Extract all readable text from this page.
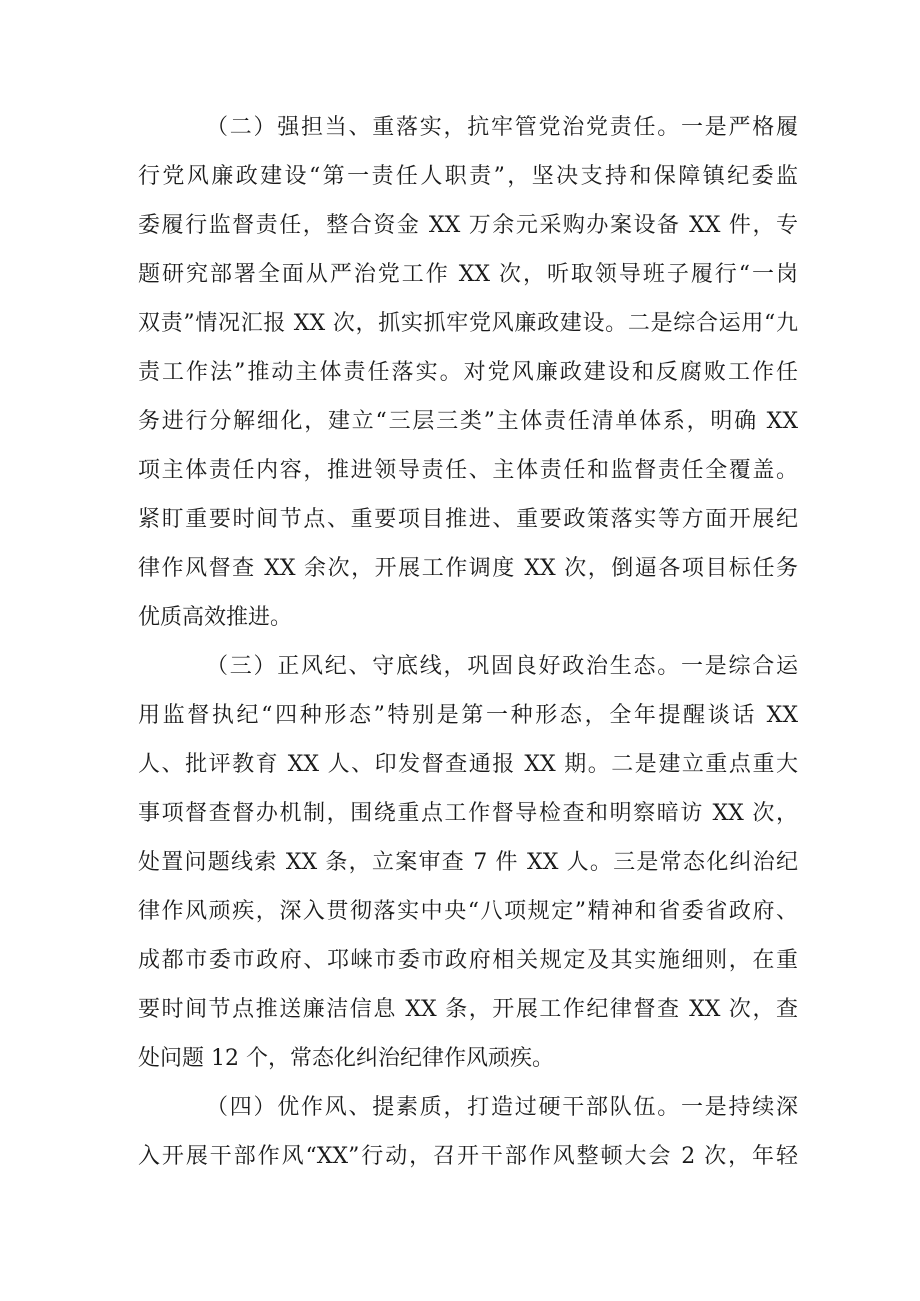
（二）强担当、重落实，抗牢管党治党责任。一是严格履
行党风廉政建设“第一责任人职责”，坚决支持和保障镇纪委监
委履行监督责任，整合资金 XX 万余元采购办案设备 XX 件，专
题研究部署全面从严治党工作 XX 次，听取领导班子履行“一岗
双责”情况汇报 XX 次，抓实抓牢党风廉政建设。二是综合运用“九
责工作法”推动主体责任落实。对党风廉政建设和反腐败工作任
务进行分解细化，建立“三层三类”主体责任清单体系，明确 XX
项主体责任内容，推进领导责任、主体责任和监督责任全覆盖。
紧盯重要时间节点、重要项目推进、重要政策落实等方面开展纪
律作风督查 XX 余次，开展工作调度 XX 次，倒逼各项目标任务
优质高效推进。
（三）正风纪、守底线，巩固良好政治生态。一是综合运
用监督执纪“四种形态”特别是第一种形态，全年提醒谈话 XX
人、批评教育 XX 人、印发督查通报 XX 期。二是建立重点重大
事项督查督办机制，围绕重点工作督导检查和明察暗访 XX 次，
处置问题线索 XX 条，立案审查 7 件 XX 人。三是常态化纠治纪
律作风顽疾，深入贯彻落实中央“八项规定”精神和省委省政府、
成都市委市政府、邛崃市委市政府相关规定及其实施细则，在重
要时间节点推送廉洁信息 XX 条，开展工作纪律督查 XX 次，查
处问题 12 个，常态化纠治纪律作风顽疾。
（四）优作风、提素质，打造过硬干部队伍。一是持续深
入开展干部作风“XX”行动，召开干部作风整顿大会 2 次，年轻
